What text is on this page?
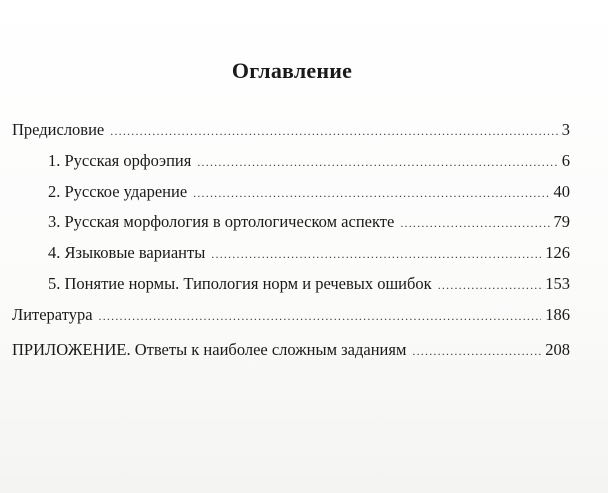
Оглавление
Предисловие .....	3
1. Русская орфоэпия .....	6
2. Русское ударение .....	40
3. Русская морфология в ортологическом аспекте .....	79
4. Языковые варианты .....	126
5. Понятие нормы. Типология норм и речевых ошибок .....	153
Литература .....	186
ПРИЛОЖЕНИЕ. Ответы к наиболее сложным заданиям .....	208
